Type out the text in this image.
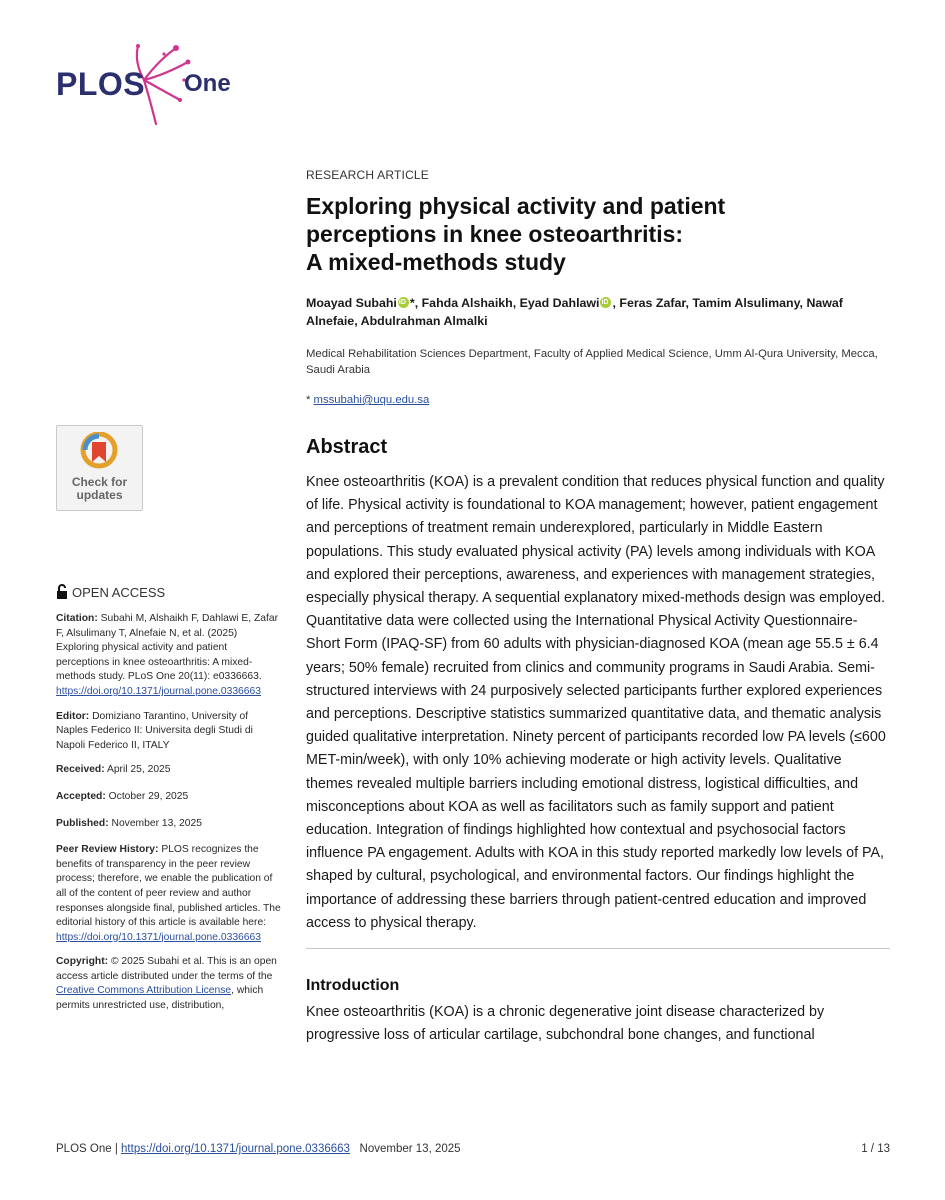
PLOS One
Check for
updates
OPEN ACCESS
Citation: Subahi M, Alshaikh F, Dahlawi E, Zafar F, Alsulimany T, Alnefaie N, et al. (2025) Exploring physical activity and patient perceptions in knee osteoarthritis: A mixed-methods study. PLoS One 20(11): e0336663. https://doi.org/10.1371/journal.pone.0336663
Editor: Domiziano Tarantino, University of Naples Federico II: Universita degli Studi di Napoli Federico II, ITALY
Received: April 25, 2025
Accepted: October 29, 2025
Published: November 13, 2025
Peer Review History: PLOS recognizes the benefits of transparency in the peer review process; therefore, we enable the publication of all of the content of peer review and author responses alongside final, published articles. The editorial history of this article is available here: https://doi.org/10.1371/journal.pone.0336663
Copyright: © 2025 Subahi et al. This is an open access article distributed under the terms of the Creative Commons Attribution License, which permits unrestricted use, distribution,
RESEARCH ARTICLE
Exploring physical activity and patient
perceptions in knee osteoarthritis:
A mixed-methods study
Moayad Subahi iD *, Fahda Alshaikh, Eyad Dahlawi iD , Feras Zafar, Tamim Alsulimany, Nawaf Alnefaie, Abdulrahman Almalki
Medical Rehabilitation Sciences Department, Faculty of Applied Medical Science, Umm Al-Qura University, Mecca, Saudi Arabia
* mssubahi@uqu.edu.sa
Abstract
Knee osteoarthritis (KOA) is a prevalent condition that reduces physical function and quality of life. Physical activity is foundational to KOA management; however, patient engagement and perceptions of treatment remain underexplored, particularly in Middle Eastern populations. This study evaluated physical activity (PA) levels among individuals with KOA and explored their perceptions, awareness, and experiences with management strategies, especially physical therapy. A sequential explanatory mixed-methods design was employed. Quantitative data were collected using the International Physical Activity Questionnaire-Short Form (IPAQ-SF) from 60 adults with physician-diagnosed KOA (mean age 55.5 ± 6.4 years; 50% female) recruited from clinics and community programs in Saudi Arabia. Semi-structured interviews with 24 purposively selected participants further explored experiences and perceptions. Descriptive statistics summarized quantitative data, and thematic analysis guided qualitative interpretation. Ninety percent of participants recorded low PA levels (≤600 MET-min/week), with only 10% achieving moderate or high activity levels. Qualitative themes revealed multiple barriers including emotional distress, logistical difficulties, and misconceptions about KOA as well as facilitators such as family support and patient education. Integration of findings highlighted how contextual and psychosocial factors influence PA engagement. Adults with KOA in this study reported markedly low levels of PA, shaped by cultural, psychological, and environmental factors. Our findings highlight the importance of addressing these barriers through patient-centred education and improved access to physical therapy.
Introduction
Knee osteoarthritis (KOA) is a chronic degenerative joint disease characterized by progressive loss of articular cartilage, subchondral bone changes, and functional
PLOS One | https://doi.org/10.1371/journal.pone.0336663 November 13, 2025	1 / 13
